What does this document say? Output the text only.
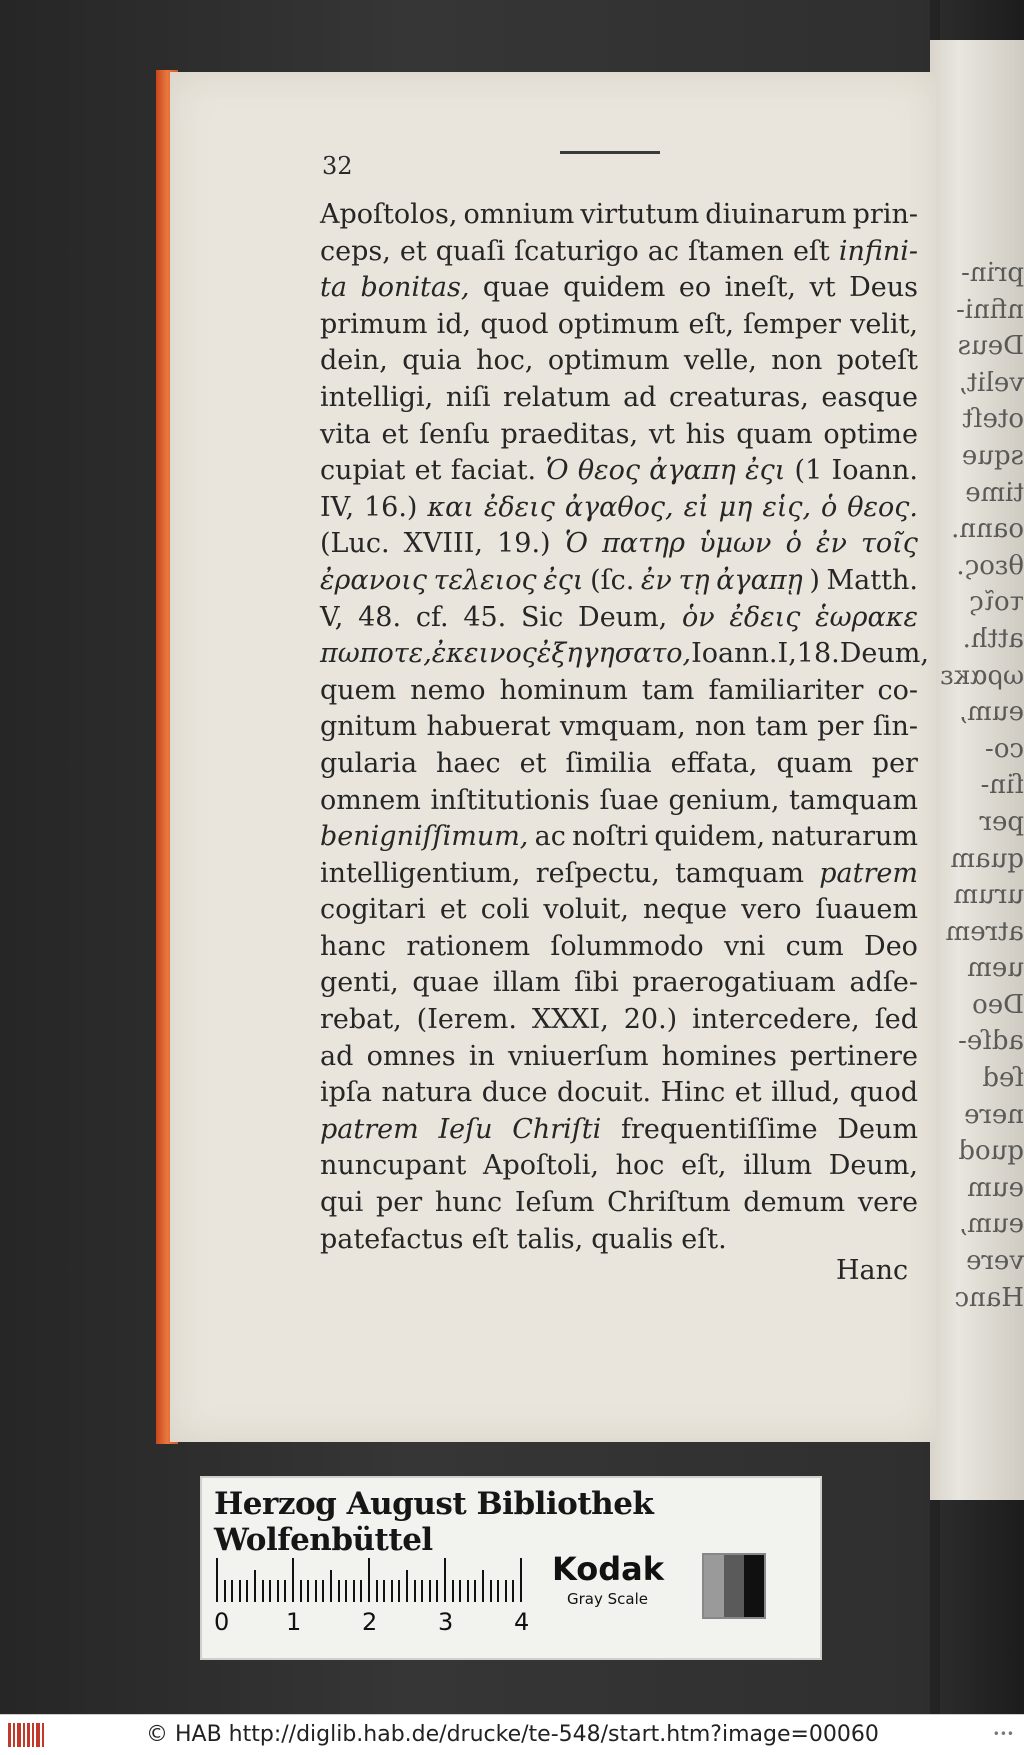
prin-
nfini-
Deus
velit,
oteſt
sque
time
oann.
θεος.
τοῖς
atth.
ωρακε
eum,
co-
ſin-
per
quam
urum
atrem
uem
Deo
adſe-
ſed
nere
quod
eum
eum,
vere
Hanc
32
Apoſtolos, omnium virtutum diuinarum prin-
ceps, et quaſi ſcaturigo ac ſtamen eſt infini-
ta bonitas, quae quidem eo ineſt, vt Deus
primum id, quod optimum eſt, ſemper velit,
dein, quia hoc, optimum velle, non poteſt
intelligi, niſi relatum ad creaturas, easque
vita et ſenſu praeditas, vt his quam optime
cupiat et faciat. Ὁ θεος ἀγαπη ἐςι (1 Ioann.
IV, 16.) και ἐδεις ἀγαθος, εἰ μη εἱς, ὁ θεος.
(Luc. XVIII, 19.) Ὁ πατηρ ὑμων ὁ ἐν τοῖς
ἐρανοις τελειος ἐςι (ſc. ἐν τῃ ἀγαπῃ ) Matth.
V, 48. cf. 45. Sic Deum, ὁν ἐδεις ἑωρακε
πωποτε, ἐκεινος ἐξηγησατο, Ioann. I, 18. Deum,
quem nemo hominum tam familiariter co-
gnitum habuerat vmquam, non tam per ſin-
gularia haec et ſimilia effata, quam per
omnem inſtitutionis ſuae genium, tamquam
benigniſſimum, ac noſtri quidem, naturarum
intelligentium, reſpectu, tamquam patrem
cogitari et coli voluit, neque vero ſuauem
hanc rationem ſolummodo vni cum Deo
genti, quae illam ſibi praerogatiuam adſe-
rebat, (Ierem. XXXI, 20.) intercedere, ſed
ad omnes in vniuerſum homines pertinere
ipſa natura duce docuit. Hinc et illud, quod
patrem Ieſu Chriſti frequentiſſime Deum
nuncupant Apoſtoli, hoc eſt, illum Deum,
qui per hunc Ieſum Chriſtum demum vere
patefactus eſt talis, qualis eſt.
Hanc
Herzog August Bibliothek Wolfenbüttel
0 1	2	3	4
Kodak
Gray Scale
© HAB http://diglib.hab.de/drucke/te-548/start.htm?image=00060	•••
